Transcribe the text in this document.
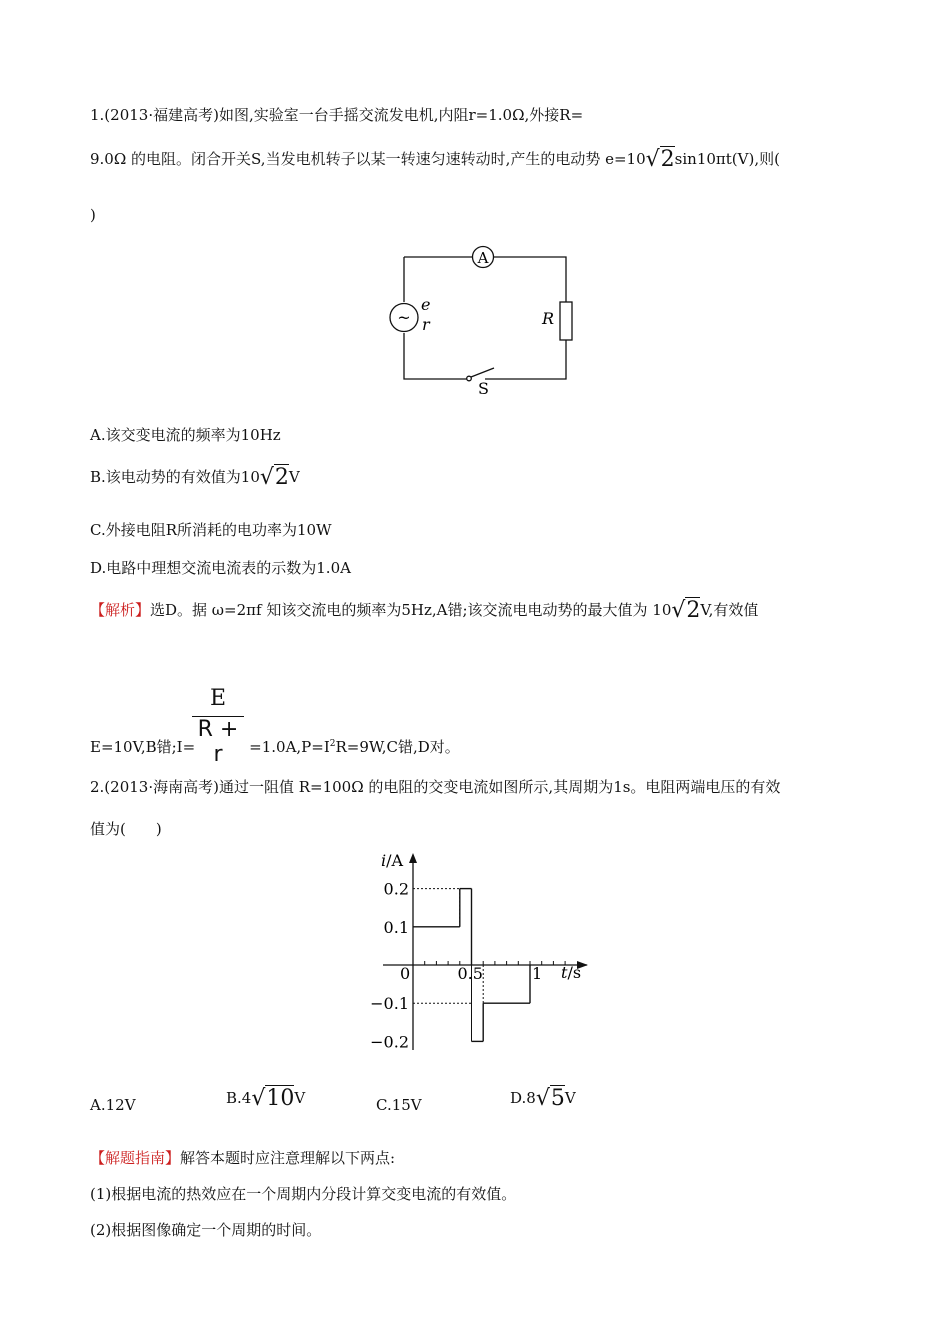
1.(2013·福建高考)如图,实验室一台手摇交流发电机,内阻r=1.0Ω,外接R=
9.0Ω 的电阻。闭合开关S,当发电机转子以某一转速匀速转动时,产生的电动势 e=10√2sin10πt(V),则(
)
A
~
e
r	R
S
A.该交变电流的频率为10Hz
B.该电动势的有效值为10√2V
C.外接电阻R所消耗的电功率为10W
D.电路中理想交流电流表的示数为1.0A
【解析】选D。据 ω=2πf 知该交流电的频率为5Hz,A错;该交流电电动势的最大值为 10√2V,有效值
E
R + r
E=10V,B错;I=	$=1.0A,P=I^2R=9W,C$错,D对。
2.(2013·海南高考)通过一阻值 R=100Ω 的电阻的交变电流如图所示,其周期为1s。电阻两端电压的有效
值为(　　)
i/A
t/s
0	0.5	1
0.2
0.1
−0.1
−0.2
A.12V	B.4√10V	C.15V	D.8√5V
【解题指南】解答本题时应注意理解以下两点:
(1)根据电流的热效应在一个周期内分段计算交变电流的有效值。
(2)根据图像确定一个周期的时间。
